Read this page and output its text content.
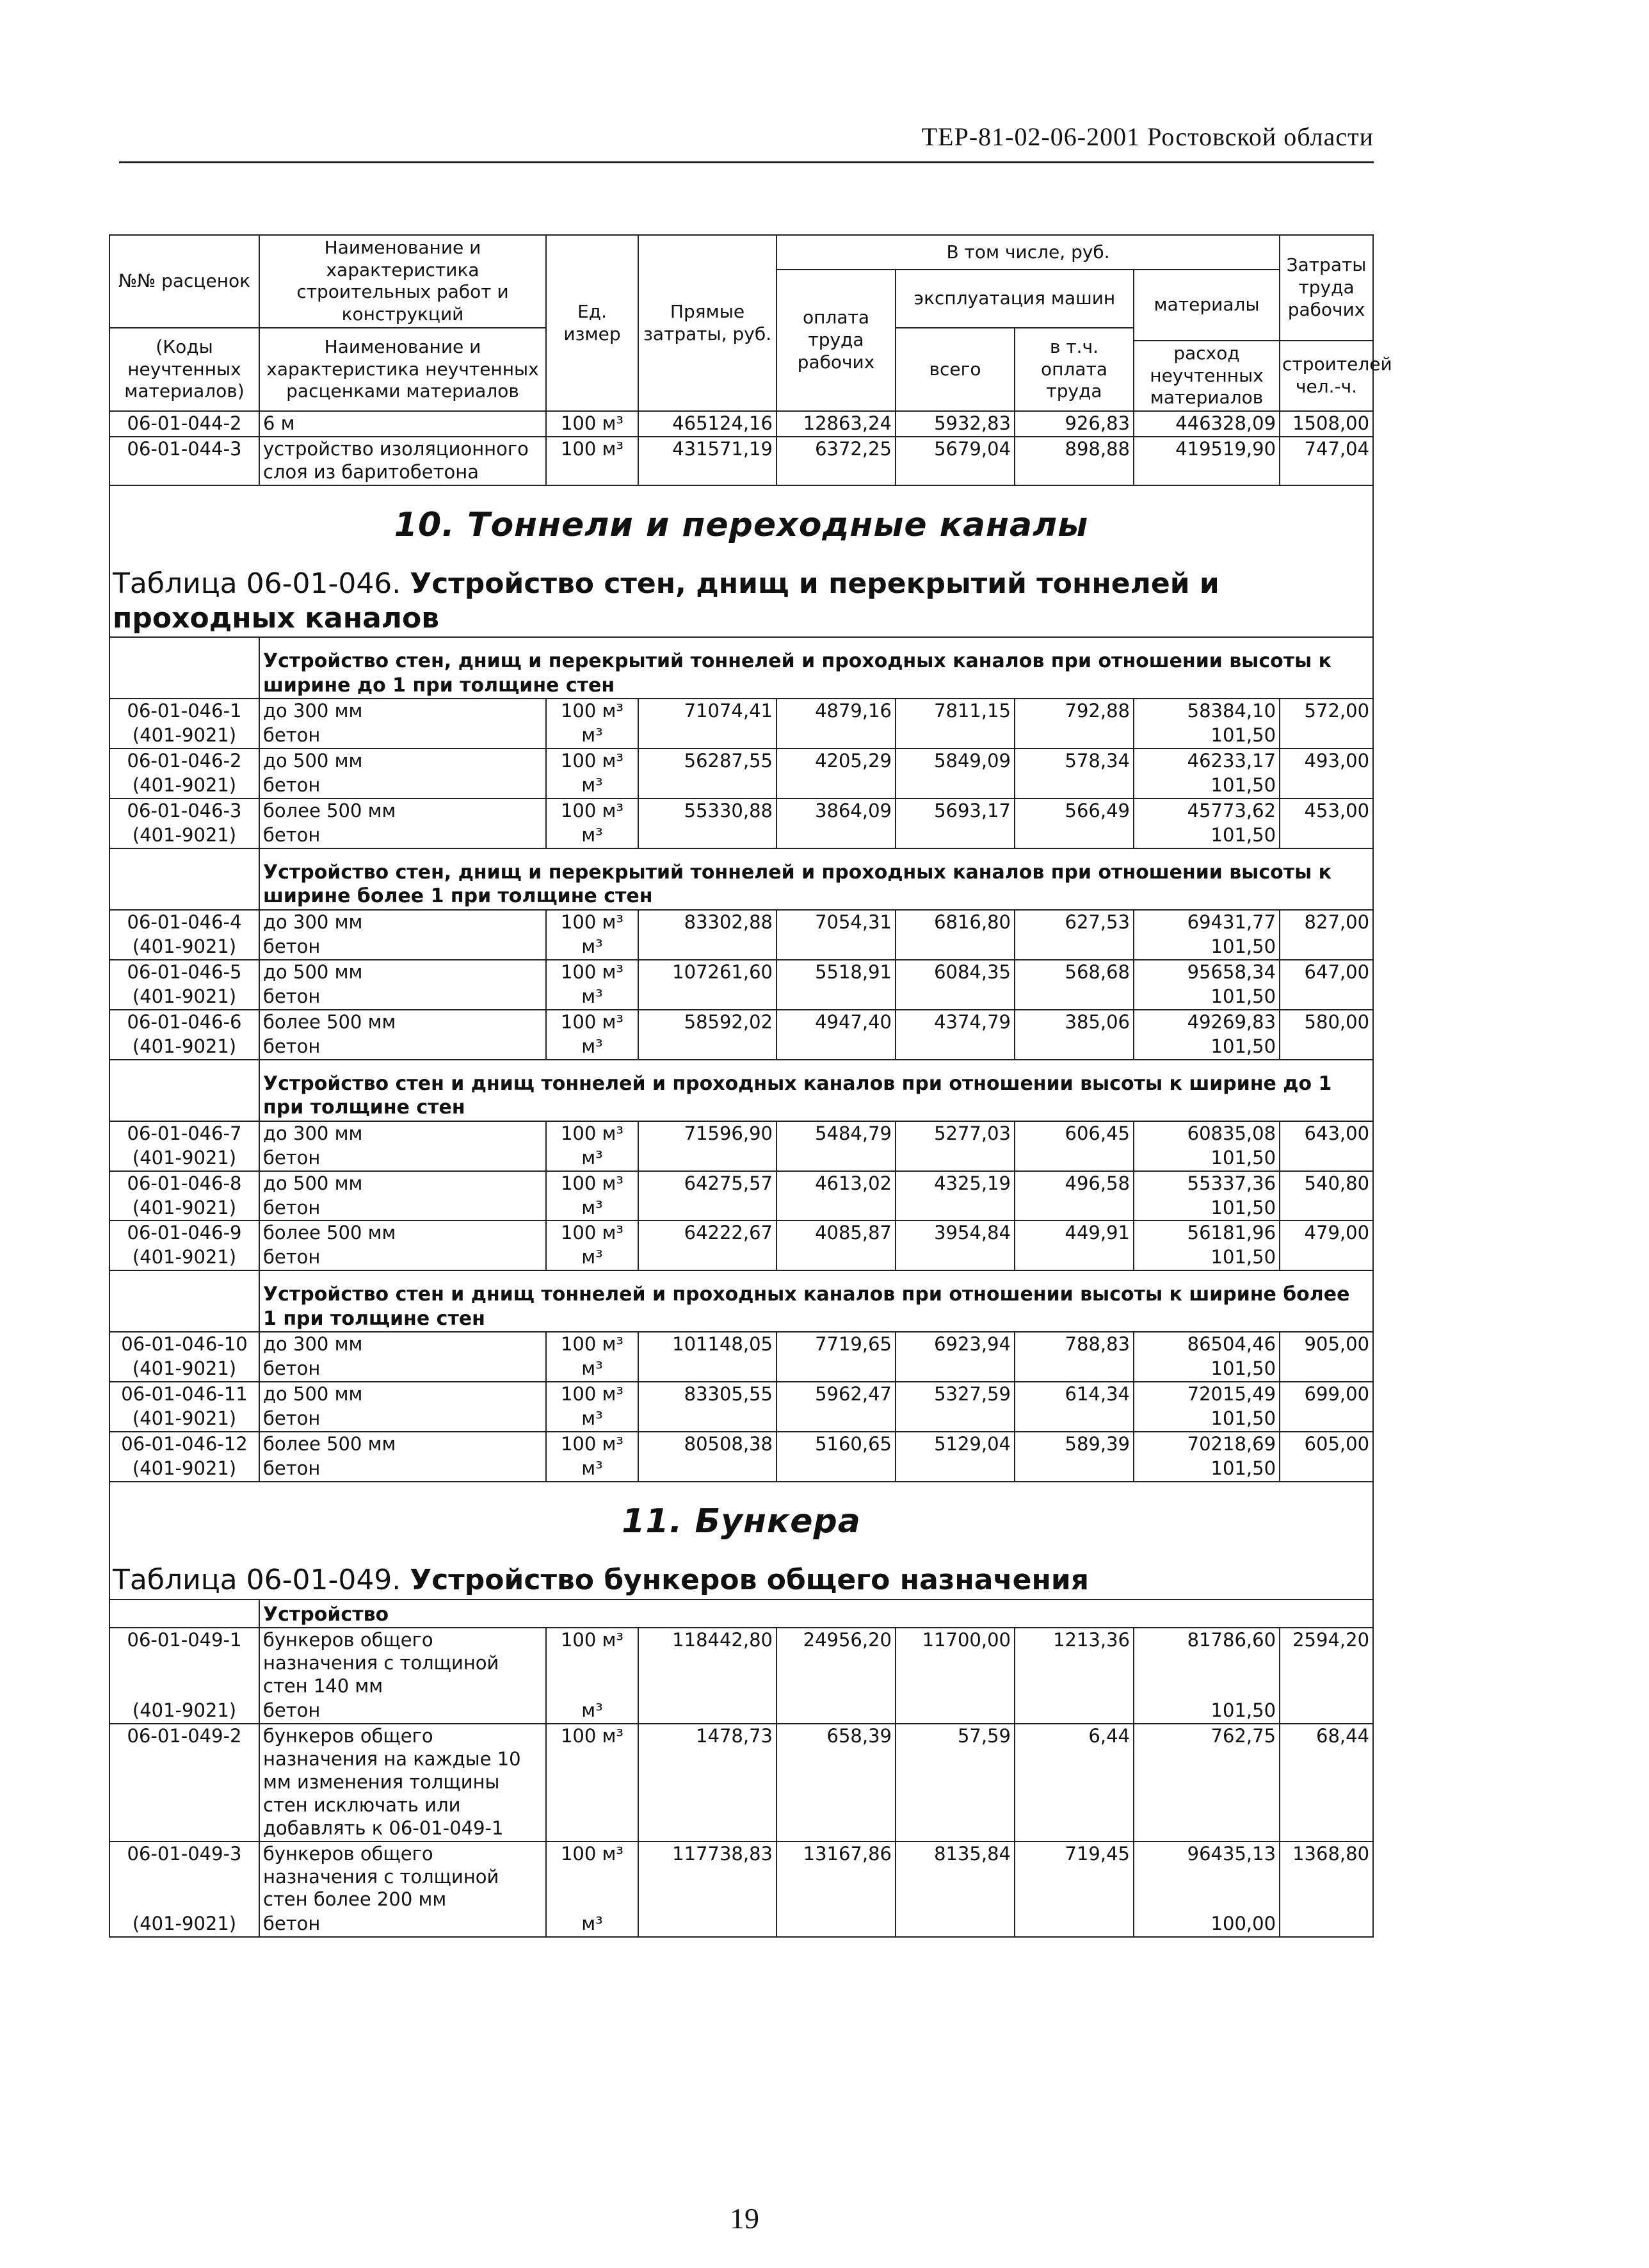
ТЕР-81-02-06-2001 Ростовской области
№№ расценок	Наименование и характеристика строительных работ и конструкций	Ед. измер	Прямые затраты, руб.	В том числе, руб.				Затраты труда рабочих
				оплата труда рабочих	эксплуатация машин		материалы	
(Коды неучтенных материалов)	Наименование и характеристика неучтенных расценками материалов				всего	в т.ч. оплата труда		
							расход неучтенных материалов	строителей чел.-ч.
06-01-044-2	6 м	100 м³	465124,16	12863,24	5932,83	926,83	446328,09	1508,00
06-01-044-3	устройство изоляционного слоя из баритобетона	100 м³	431571,19	6372,25	5679,04	898,88	419519,90	747,04
10. Тоннели и переходные каналы								
Таблица 06-01-046. Устройство стен, днищ и перекрытий тоннелей и проходных каналов								
	Устройство стен, днищ и перекрытий тоннелей и проходных каналов при отношении высоты к ширине до 1 при толщине стен							
06-01-046-1	до 300 мм	100 м³	71074,41	4879,16	7811,15	792,88	58384,10	572,00
(401-9021)	бетон	м³					101,50	
06-01-046-2	до 500 мм	100 м³	56287,55	4205,29	5849,09	578,34	46233,17	493,00
(401-9021)	бетон	м³					101,50	
06-01-046-3	более 500 мм	100 м³	55330,88	3864,09	5693,17	566,49	45773,62	453,00
(401-9021)	бетон	м³					101,50	
	Устройство стен, днищ и перекрытий тоннелей и проходных каналов при отношении высоты к ширине более 1 при толщине стен							
06-01-046-4	до 300 мм	100 м³	83302,88	7054,31	6816,80	627,53	69431,77	827,00
(401-9021)	бетон	м³					101,50	
06-01-046-5	до 500 мм	100 м³	107261,60	5518,91	6084,35	568,68	95658,34	647,00
(401-9021)	бетон	м³					101,50	
06-01-046-6	более 500 мм	100 м³	58592,02	4947,40	4374,79	385,06	49269,83	580,00
(401-9021)	бетон	м³					101,50	
	Устройство стен и днищ тоннелей и проходных каналов при отношении высоты к ширине до 1 при толщине стен							
06-01-046-7	до 300 мм	100 м³	71596,90	5484,79	5277,03	606,45	60835,08	643,00
(401-9021)	бетон	м³					101,50	
06-01-046-8	до 500 мм	100 м³	64275,57	4613,02	4325,19	496,58	55337,36	540,80
(401-9021)	бетон	м³					101,50	
06-01-046-9	более 500 мм	100 м³	64222,67	4085,87	3954,84	449,91	56181,96	479,00
(401-9021)	бетон	м³					101,50	
	Устройство стен и днищ тоннелей и проходных каналов при отношении высоты к ширине более 1 при толщине стен							
06-01-046-10	до 300 мм	100 м³	101148,05	7719,65	6923,94	788,83	86504,46	905,00
(401-9021)	бетон	м³					101,50	
06-01-046-11	до 500 мм	100 м³	83305,55	5962,47	5327,59	614,34	72015,49	699,00
(401-9021)	бетон	м³					101,50	
06-01-046-12	более 500 мм	100 м³	80508,38	5160,65	5129,04	589,39	70218,69	605,00
(401-9021)	бетон	м³					101,50	
11. Бункера								
Таблица 06-01-049. Устройство бункеров общего назначения								
	Устройство							
06-01-049-1	бункеров общего назначения с толщиной стен 140 мм	100 м³	118442,80	24956,20	11700,00	1213,36	81786,60	2594,20
(401-9021)	бетон	м³					101,50	
06-01-049-2	бункеров общего назначения на каждые 10 мм изменения толщины стен исключать или добавлять к 06-01-049-1	100 м³	1478,73	658,39	57,59	6,44	762,75	68,44
06-01-049-3	бункеров общего назначения с толщиной стен более 200 мм	100 м³	117738,83	13167,86	8135,84	719,45	96435,13	1368,80
(401-9021)	бетон	м³					100,00	
19
